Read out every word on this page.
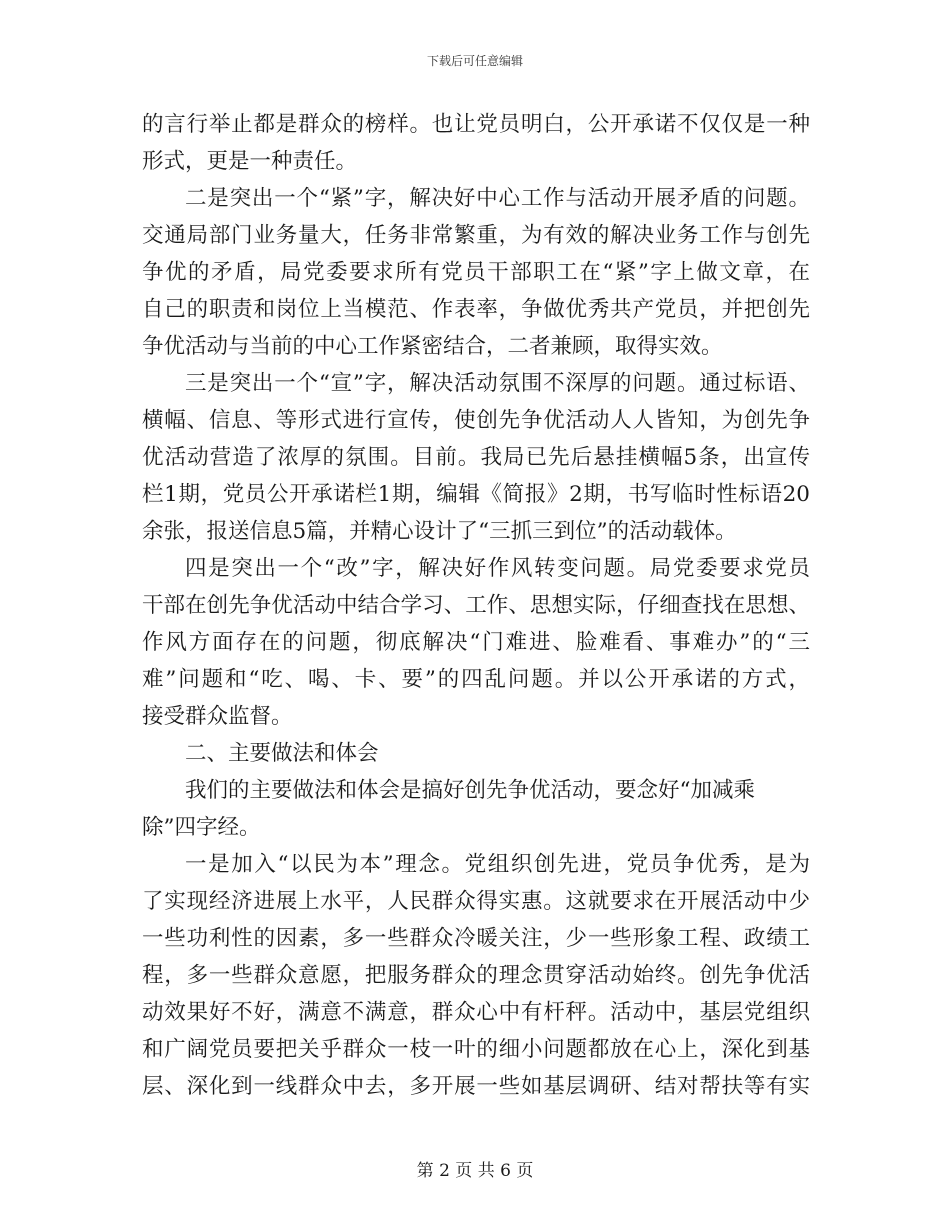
下载后可任意编辑
的言行举止都是群众的榜样。也让党员明白，公开承诺不仅仅是一种
形式，更是一种责任。
二是突出一个“紧”字，解决好中心工作与活动开展矛盾的问题。
交通局部门业务量大，任务非常繁重，为有效的解决业务工作与创先
争优的矛盾，局党委要求所有党员干部职工在“紧”字上做文章，在
自己的职责和岗位上当模范、作表率，争做优秀共产党员，并把创先
争优活动与当前的中心工作紧密结合，二者兼顾，取得实效。
三是突出一个“宣”字，解决活动氛围不深厚的问题。通过标语、
横幅、信息、等形式进行宣传，使创先争优活动人人皆知，为创先争
优活动营造了浓厚的氛围。目前。我局已先后悬挂横幅5条，出宣传
栏1期，党员公开承诺栏1期，编辑《简报》2期，书写临时性标语20
余张，报送信息5篇，并精心设计了“三抓三到位”的活动载体。
四是突出一个“改”字，解决好作风转变问题。局党委要求党员
干部在创先争优活动中结合学习、工作、思想实际，仔细查找在思想、
作风方面存在的问题，彻底解决“门难进、脸难看、事难办”的“三
难”问题和“吃、喝、卡、要”的四乱问题。并以公开承诺的方式，
接受群众监督。
二、主要做法和体会
我们的主要做法和体会是搞好创先争优活动，要念好“加减乘
除”四字经。
一是加入“以民为本”理念。党组织创先进，党员争优秀，是为
了实现经济进展上水平，人民群众得实惠。这就要求在开展活动中少
一些功利性的因素，多一些群众冷暖关注，少一些形象工程、政绩工
程，多一些群众意愿，把服务群众的理念贯穿活动始终。创先争优活
动效果好不好，满意不满意，群众心中有杆秤。活动中，基层党组织
和广阔党员要把关乎群众一枝一叶的细小问题都放在心上，深化到基
层、深化到一线群众中去，多开展一些如基层调研、结对帮扶等有实
第 2 页 共 6 页
